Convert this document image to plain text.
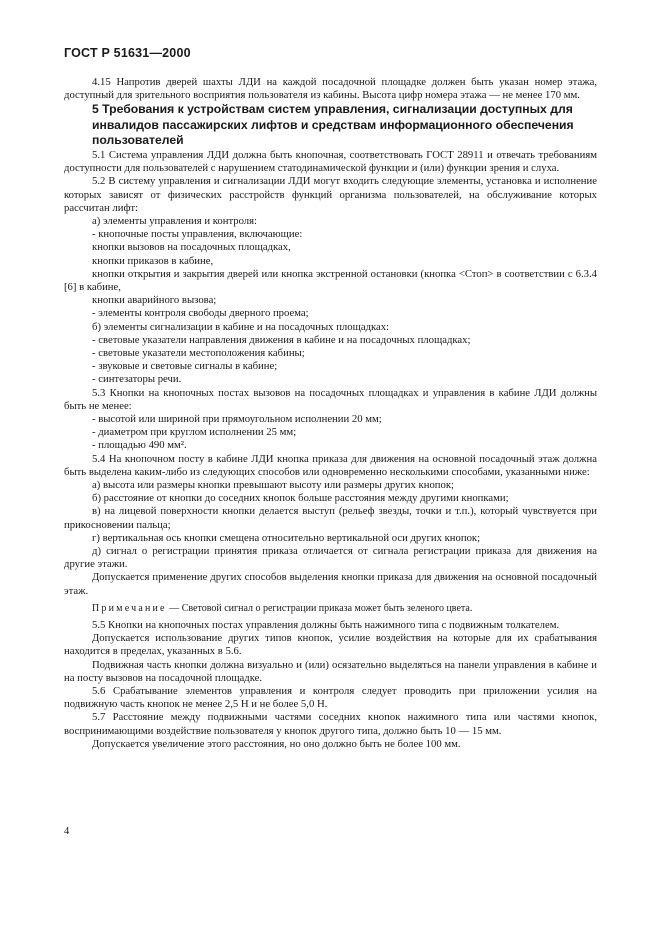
ГОСТ Р 51631—2000

4.15 Напротив дверей шахты ЛДИ на каждой посадочной площадке должен быть указан номер этажа, доступный для зрительного восприятия пользователя из кабины. Высота цифр номера этажа — не менее 170 мм.

5 Требования к устройствам систем управления, сигнализации доступных для инвалидов пассажирских лифтов и средствам информационного обеспечения пользователей

5.1 Система управления ЛДИ должна быть кнопочная, соответствовать ГОСТ 28911 и отвечать требованиям доступности для пользователей с нарушением статодинамической функции и (или) функции зрения и слуха.

5.2 В систему управления и сигнализации ЛДИ могут входить следующие элементы, установка и исполнение которых зависят от физических расстройств функций организма пользователей, на обслуживание которых рассчитан лифт:

а) элементы управления и контроля:

- кнопочные посты управления, включающие:

кнопки вызовов на посадочных площадках,

кнопки приказов в кабине,

кнопки открытия и закрытия дверей или кнопка экстренной остановки (кнопка <Стоп> в соответствии с 6.3.4 [6] в кабине,

кнопки аварийного вызова;

- элементы контроля свободы дверного проема;

б) элементы сигнализации в кабине и на посадочных площадках:

- световые указатели направления движения в кабине и на посадочных площадках;

- световые указатели местоположения кабины;

- звуковые и световые сигналы в кабине;

- синтезаторы речи.

5.3 Кнопки на кнопочных постах вызовов на посадочных площадках и управления в кабине ЛДИ должны быть не менее:

- высотой или шириной при прямоугольном исполнении 20 мм;

- диаметром при круглом исполнении 25 мм;

- площадью 490 мм².

5.4 На кнопочном посту в кабине ЛДИ кнопка приказа для движения на основной посадочный этаж должна быть выделена каким-либо из следующих способов или одновременно несколькими способами, указанными ниже:

а) высота или размеры кнопки превышают высоту или размеры других кнопок;

б) расстояние от кнопки до соседних кнопок больше расстояния между другими кнопками;

в) на лицевой поверхности кнопки делается выступ (рельеф звезды, точки и т.п.), который чувствуется при прикосновении пальца;

г) вертикальная ось кнопки смещена относительно вертикальной оси других кнопок;

д) сигнал о регистрации принятия приказа отличается от сигнала регистрации приказа для движения на другие этажи.

Допускается применение других способов выделения кнопки приказа для движения на основной посадочный этаж.

Примечание — Световой сигнал о регистрации приказа может быть зеленого цвета.

5.5 Кнопки на кнопочных постах управления должны быть нажимного типа с подвижным толкателем.

Допускается использование других типов кнопок, усилие воздействия на которые для их срабатывания находится в пределах, указанных в 5.6.

Подвижная часть кнопки должна визуально и (или) осязательно выделяться на панели управления в кабине и на посту вызовов на посадочной площадке.

5.6 Срабатывание элементов управления и контроля следует проводить при приложении усилия на подвижную часть кнопок не менее 2,5 Н и не более 5,0 Н.

5.7 Расстояние между подвижными частями соседних кнопок нажимного типа или частями кнопок, воспринимающими воздействие пользователя у кнопок другого типа, должно быть 10 — 15 мм.

Допускается увеличение этого расстояния, но оно должно быть не более 100 мм.

4
